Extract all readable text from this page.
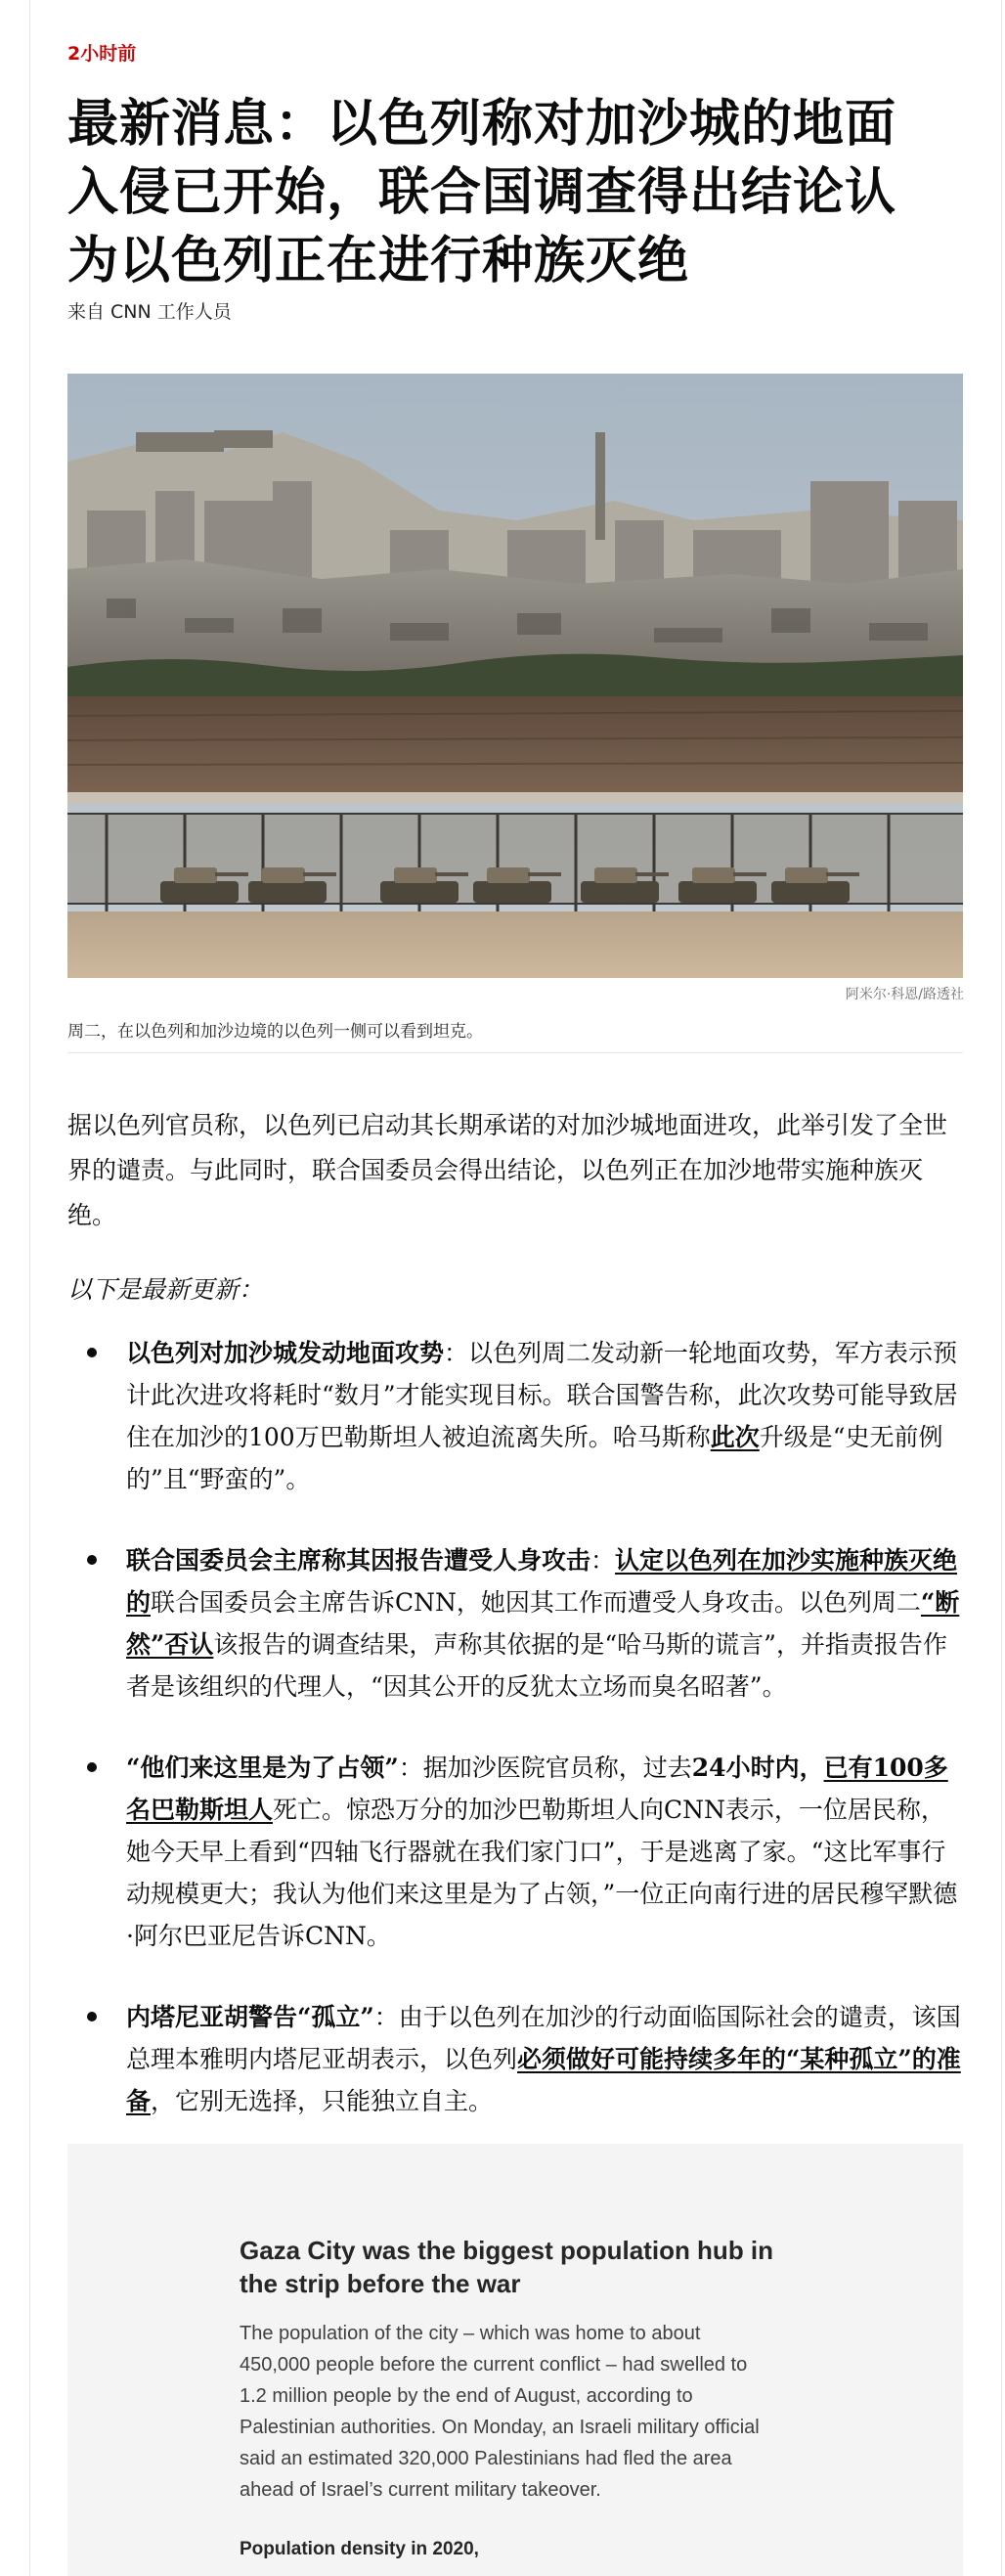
2小时前
最新消息：以色列称对加沙城的地面入侵已开始，联合国调查得出结论认为以色列正在进行种族灭绝
来自 CNN 工作人员
阿米尔·科恩/路透社
周二，在以色列和加沙边境的以色列一侧可以看到坦克。

据以色列官员称，以色列已启动其长期承诺的对加沙城地面进攻，此举引发了全世界的谴责。与此同时，联合国委员会得出结论，以色列正在加沙地带实施种族灭绝。

以下是最新更新：

以色列对加沙城发动地面攻势：以色列周二发动新一轮地面攻势，军方表示预计此次进攻将耗时“数月”才能实现目标。联合国警告称，此次攻势可能导致居住在加沙的100万巴勒斯坦人被迫流离失所。哈马斯称此次升级是“史无前例的”且“野蛮的”。
联合国委员会主席称其因报告遭受人身攻击：认定以色列在加沙实施种族灭绝的联合国委员会主席告诉CNN，她因其工作而遭受人身攻击。以色列周二“断然”否认该报告的调查结果，声称其依据的是“哈马斯的谎言”，并指责报告作者是该组织的代理人，“因其公开的反犹太立场而臭名昭著”。
“他们来这里是为了占领”：据加沙医院官员称，过去24小时内，已有100多名巴勒斯坦人死亡。惊恐万分的加沙巴勒斯坦人向CNN表示，一位居民称，她今天早上看到“四轴飞行器就在我们家门口”，于是逃离了家。“这比军事行动规模更大；我认为他们来这里是为了占领，”一位正向南行进的居民穆罕默德·阿尔巴亚尼告诉CNN。
内塔尼亚胡警告“孤立”：由于以色列在加沙的行动面临国际社会的谴责，该国总理本雅明内塔尼亚胡表示，以色列必须做好可能持续多年的“某种孤立”的准备，它别无选择，只能独立自主。
Gaza City was the biggest population hub in the strip before the war

The population of the city – which was home to about 450,000 people before the current conflict – had swelled to 1.2 million people by the end of August, according to Palestinian authorities. On Monday, an Israeli military official said an estimated 320,000 Palestinians had fled the area ahead of Israel’s current military takeover.

Population density in 2020,
